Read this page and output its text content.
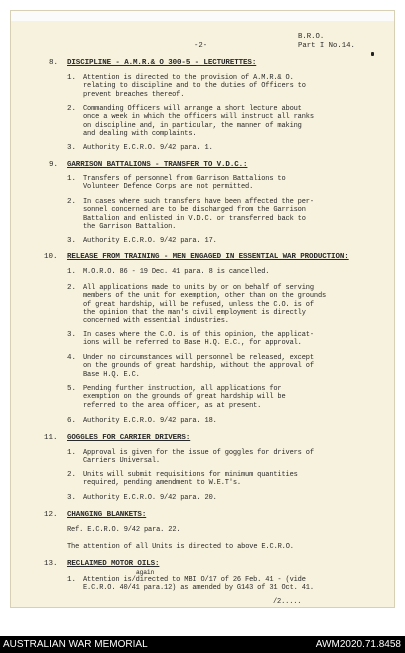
-2-
B.R.O.
Part I No.14.
8. DISCIPLINE - A.M.R.& O 300-5 - LECTURETTES:
1. Attention is directed to the provision of A.M.R.& O.
relating to discipline and to the duties of Officers to
prevent breaches thereof.
2. Commanding Officers will arrange a short lecture about
once a week in which the officers will instruct all ranks
on discipline and, in particular, the manner of making
and dealing with complaints.
3. Authority E.C.R.O. 9/42 para. 1.
9. GARRISON BATTALIONS - TRANSFER TO V.D.C.:
1. Transfers of personnel from Garrison Battalions to
Volunteer Defence Corps are not permitted.
2. In cases where such transfers have been affected the per-
sonnel concerned are to be discharged from the Garrison
Battalion and enlisted in V.D.C. or transferred back to
the Garrison Battalion.
3. Authority E.C.R.O. 9/42 para. 17.
10. RELEASE FROM TRAINING - MEN ENGAGED IN ESSENTIAL WAR PRODUCTION:
1. M.O.R.O. 86 - 19 Dec. 41 para. 8 is cancelled.
2. All applications made to units by or on behalf of serving
members of the unit for exemption, other than on the grounds
of great hardship, will be refused, unless the C.O. is of
the opinion that the man's civil employment is directly
concerned with essential industries.
3. In cases where the C.O. is of this opinion, the applicat-
ions will be referred to Base H.Q. E.C., for approval.
4. Under no circumstances will personnel be released, except
on the grounds of great hardship, without the approval of
Base H.Q. E.C.
5. Pending further instruction, all applications for
exemption on the grounds of great hardship will be
referred to the area officer, as at present.
6. Authority E.C.R.O. 9/42 para. 18.
11. GOGGLES FOR CARRIER DRIVERS:
1. Approval is given for the issue of goggles for drivers of
Carriers Universal.
2. Units will submit requisitions for minimum quantities
required, pending amendment to W.E.T's.
3. Authority E.C.R.O. 9/42 para. 20.
12. CHANGING BLANKETS:
Ref. E.C.R.O. 9/42 para. 22.
The attention of all Units is directed to above E.C.R.O.
13. RECLAIMED MOTOR OILS:
again
1. Attention is/directed to MBI O/17 of 26 Feb. 41 - (vide
E.C.R.O. 40/41 para.12) as amended by G143 of 31 Oct. 41.
/2.....
AUSTRALIAN WAR MEMORIAL	AWM2020.71.8458
